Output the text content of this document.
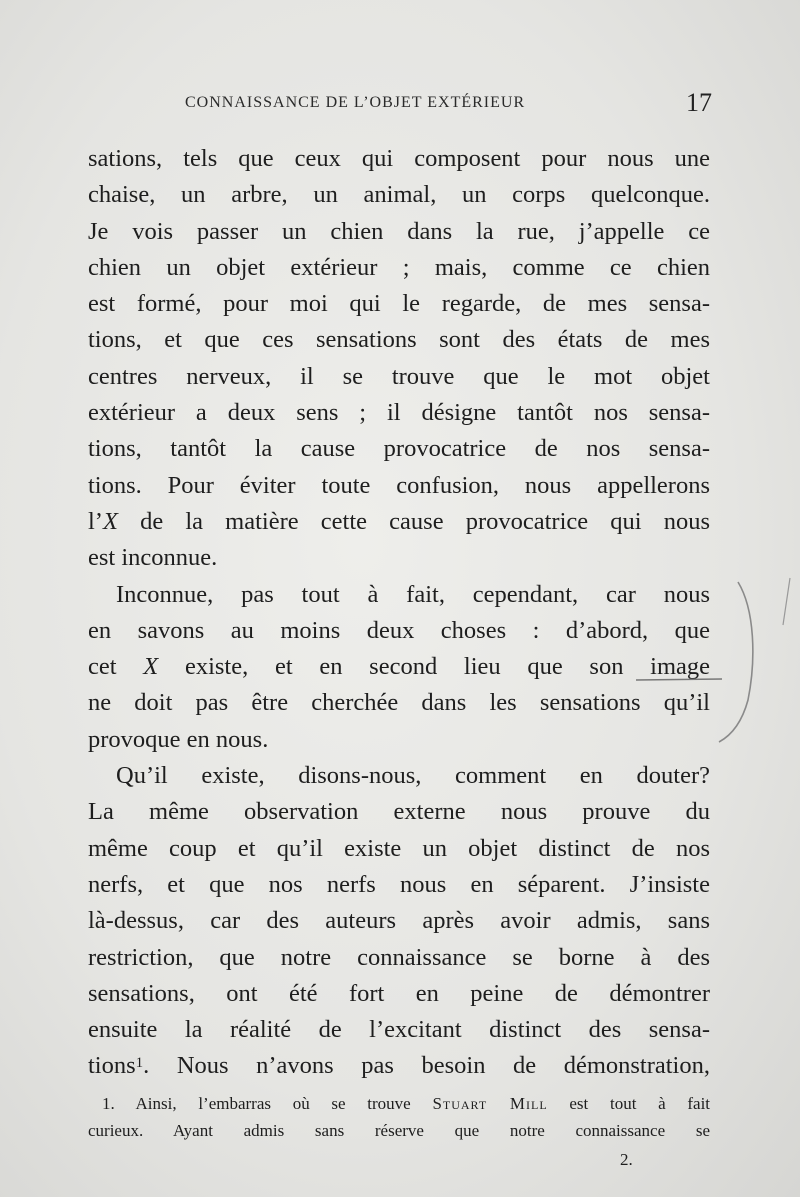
CONNAISSANCE DE L’OBJET EXTÉRIEUR	17
sations, tels que ceux qui composent pour nous une
chaise, un arbre, un animal, un corps quelconque.
Je vois passer un chien dans la rue, j’appelle ce
chien un objet extérieur ; mais, comme ce chien
est formé, pour moi qui le regarde, de mes sensa-
tions, et que ces sensations sont des états de mes
centres nerveux, il se trouve que le mot objet
extérieur a deux sens ; il désigne tantôt nos sensa-
tions, tantôt la cause provocatrice de nos sensa-
tions. Pour éviter toute confusion, nous appellerons
l’X de la matière cette cause provocatrice qui nous
est inconnue.
Inconnue, pas tout à fait, cependant, car nous
en savons au moins deux choses : d’abord, que
cet X existe, et en second lieu que son image
ne doit pas être cherchée dans les sensations qu’il
provoque en nous.
Qu’il existe, disons-nous, comment en douter?
La même observation externe nous prouve du
même coup et qu’il existe un objet distinct de nos
nerfs, et que nos nerfs nous en séparent. J’insiste
là-dessus, car des auteurs après avoir admis, sans
restriction, que notre connaissance se borne à des
sensations, ont été fort en peine de démontrer
ensuite la réalité de l’excitant distinct des sensa-
tions$^1$. Nous n’avons pas besoin de démonstration,
1. Ainsi, l’embarras où se trouve Stuart Mill est tout à fait
curieux. Ayant admis sans réserve que notre connaissance se
2.
